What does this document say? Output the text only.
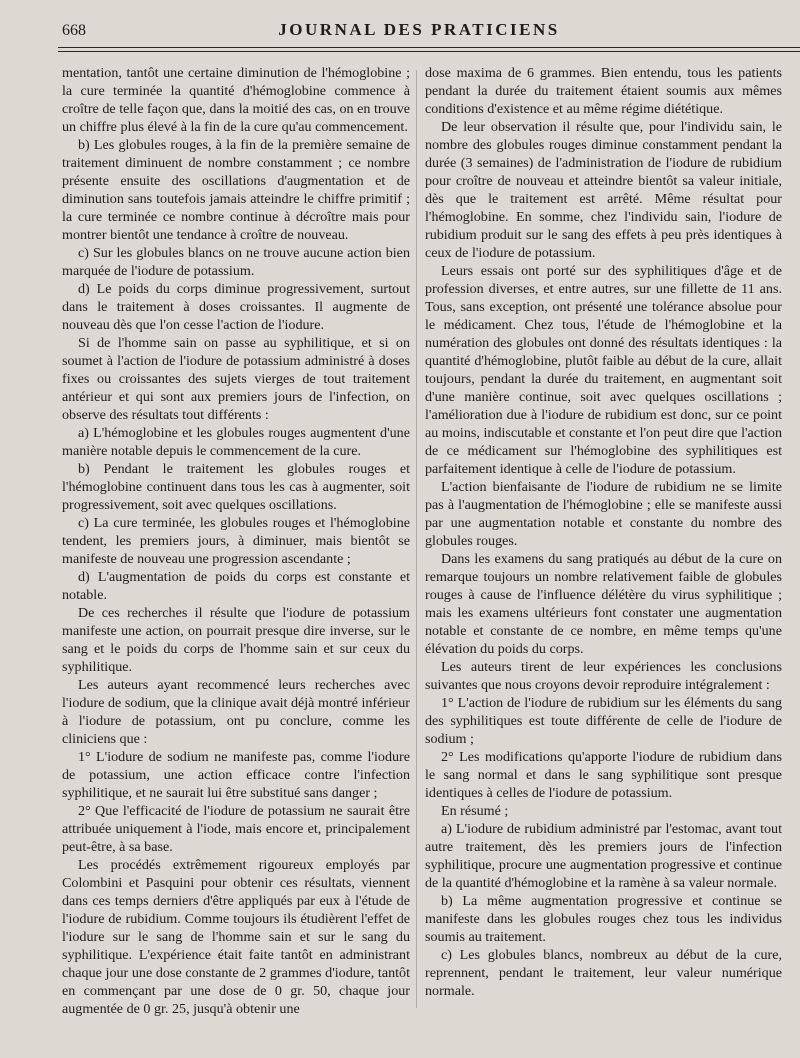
668	JOURNAL DES PRATICIENS

mentation, tantôt une certaine diminution de l'hémoglobine ; la cure terminée la quantité d'hémoglobine commence à croître de telle façon que, dans la moitié des cas, on en trouve un chiffre plus élevé à la fin de la cure qu'au commencement.

b) Les globules rouges, à la fin de la première semaine de traitement diminuent de nombre constamment ; ce nombre présente ensuite des oscillations d'augmentation et de diminution sans toutefois jamais atteindre le chiffre primitif ; la cure terminée ce nombre continue à décroître mais pour montrer bientôt une tendance à croître de nouveau.

c) Sur les globules blancs on ne trouve aucune action bien marquée de l'iodure de potassium.

d) Le poids du corps diminue progressivement, surtout dans le traitement à doses croissantes. Il augmente de nouveau dès que l'on cesse l'action de l'iodure.

Si de l'homme sain on passe au syphilitique, et si on soumet à l'action de l'iodure de potassium administré à doses fixes ou croissantes des sujets vierges de tout traitement antérieur et qui sont aux premiers jours de l'infection, on observe des résultats tout différents :

a) L'hémoglobine et les globules rouges augmentent d'une manière notable depuis le commencement de la cure.

b) Pendant le traitement les globules rouges et l'hémoglobine continuent dans tous les cas à augmenter, soit progressivement, soit avec quelques oscillations.

c) La cure terminée, les globules rouges et l'hémoglobine tendent, les premiers jours, à diminuer, mais bientôt se manifeste de nouveau une progression ascendante ;

d) L'augmentation de poids du corps est constante et notable.

De ces recherches il résulte que l'iodure de potassium manifeste une action, on pourrait presque dire inverse, sur le sang et le poids du corps de l'homme sain et sur ceux du syphilitique.

Les auteurs ayant recommencé leurs recherches avec l'iodure de sodium, que la clinique avait déjà montré inférieur à l'iodure de potassium, ont pu conclure, comme les cliniciens que :

1° L'iodure de sodium ne manifeste pas, comme l'iodure de potassium, une action efficace contre l'infection syphilitique, et ne saurait lui être substitué sans danger ;

2° Que l'efficacité de l'iodure de potassium ne saurait être attribuée uniquement à l'iode, mais encore et, principalement peut-être, à sa base.

Les procédés extrêmement rigoureux employés par Colombini et Pasquini pour obtenir ces résultats, viennent dans ces temps derniers d'être appliqués par eux à l'étude de l'iodure de rubidium. Comme toujours ils étudièrent l'effet de l'iodure sur le sang de l'homme sain et sur le sang du syphilitique. L'expérience était faite tantôt en administrant chaque jour une dose constante de 2 grammes d'iodure, tantôt en commençant par une dose de 0 gr. 50, chaque jour augmentée de 0 gr. 25, jusqu'à obtenir une

dose maxima de 6 grammes. Bien entendu, tous les patients pendant la durée du traitement étaient soumis aux mêmes conditions d'existence et au même régime diététique.

De leur observation il résulte que, pour l'individu sain, le nombre des globules rouges diminue constamment pendant la durée (3 semaines) de l'administration de l'iodure de rubidium pour croître de nouveau et atteindre bientôt sa valeur initiale, dès que le traitement est arrêté. Même résultat pour l'hémoglobine. En somme, chez l'individu sain, l'iodure de rubidium produit sur le sang des effets à peu près identiques à ceux de l'iodure de potassium.

Leurs essais ont porté sur des syphilitiques d'âge et de profession diverses, et entre autres, sur une fillette de 11 ans. Tous, sans exception, ont présenté une tolérance absolue pour le médicament. Chez tous, l'étude de l'hémoglobine et la numération des globules ont donné des résultats identiques : la quantité d'hémoglobine, plutôt faible au début de la cure, allait toujours, pendant la durée du traitement, en augmentant soit d'une manière continue, soit avec quelques oscillations ; l'amélioration due à l'iodure de rubidium est donc, sur ce point au moins, indiscutable et constante et l'on peut dire que l'action de ce médicament sur l'hémoglobine des syphilitiques est parfaitement identique à celle de l'iodure de potassium.

L'action bienfaisante de l'iodure de rubidium ne se limite pas à l'augmentation de l'hémoglobine ; elle se manifeste aussi par une augmentation notable et constante du nombre des globules rouges.

Dans les examens du sang pratiqués au début de la cure on remarque toujours un nombre relativement faible de globules rouges à cause de l'influence délétère du virus syphilitique ; mais les examens ultérieurs font constater une augmentation notable et constante de ce nombre, en même temps qu'une élévation du poids du corps.

Les auteurs tirent de leur expériences les conclusions suivantes que nous croyons devoir reproduire intégralement :

1° L'action de l'iodure de rubidium sur les éléments du sang des syphilitiques est toute différente de celle de l'iodure de sodium ;

2° Les modifications qu'apporte l'iodure de rubidium dans le sang normal et dans le sang syphilitique sont presque identiques à celles de l'iodure de potassium.

En résumé ;

a) L'iodure de rubidium administré par l'estomac, avant tout autre traitement, dès les premiers jours de l'infection syphilitique, procure une augmentation progressive et continue de la quantité d'hémoglobine et la ramène à sa valeur normale.

b) La même augmentation progressive et continue se manifeste dans les globules rouges chez tous les individus soumis au traitement.

c) Les globules blancs, nombreux au début de la cure, reprennent, pendant le traitement, leur valeur numérique normale.
